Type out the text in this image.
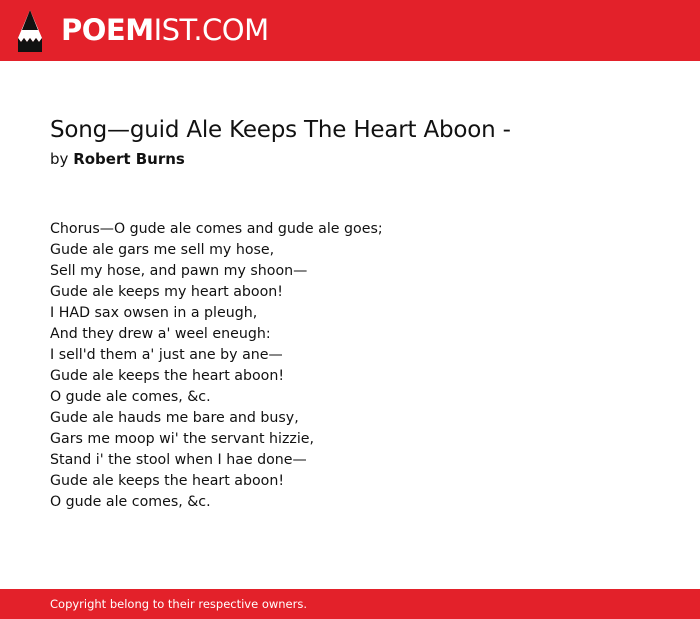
POEMIST.COM
Song—guid Ale Keeps The Heart Aboon -
by Robert Burns
Chorus—O gude ale comes and gude ale goes;
Gude ale gars me sell my hose,
Sell my hose, and pawn my shoon—
Gude ale keeps my heart aboon!
I HAD sax owsen in a pleugh,
And they drew a' weel eneugh:
I sell'd them a' just ane by ane—
Gude ale keeps the heart aboon!
O gude ale comes, &c.
Gude ale hauds me bare and busy,
Gars me moop wi' the servant hizzie,
Stand i' the stool when I hae done—
Gude ale keeps the heart aboon!
O gude ale comes, &c.
Copyright belong to their respective owners.
